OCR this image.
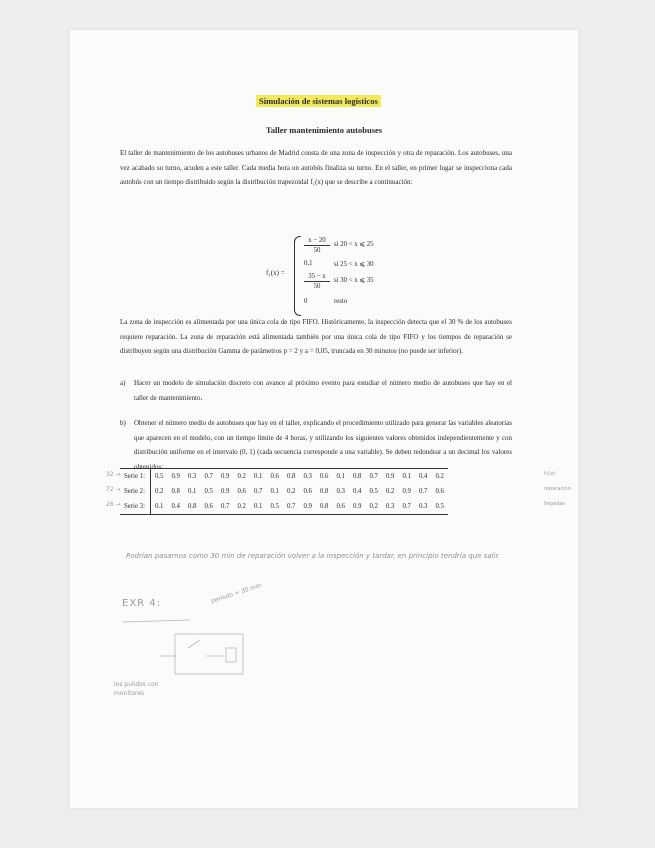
Simulación de sistemas logísticos
Taller mantenimiento autobuses
El taller de mantenimiento de los autobuses urbanos de Madrid consta de una zona de inspección y otra de reparación. Los autobuses, una vez acabado su turno, acuden a este taller. Cada media hora un autobús finaliza su turno. En el taller, en primer lugar se inspecciona cada autobús con un tiempo distribuido según la distribución trapezoidal f₁(x) que se describe a continuación:
f₁(x) =
$\frac{x - 20}{50}$ si 20 < x ⩽ 25
0,1	si 25 < x ⩽ 30
$\frac{35 - x}{50}$ si 30 < x ⩽ 35
0	resto
La zona de inspección es alimentada por una única cola de tipo FIFO. Históricamente, la inspección detecta que el 30 % de los autobuses requiere reparación. La zona de reparación está alimentada también por una única cola de tipo FIFO y los tiempos de reparación se distribuyen según una distribución Gamma de parámetros p = 2 y a = 0,05, truncada en 30 minutos (no puede ser inferior).
a) Hacer un modelo de simulación discreto con avance al próximo evento para estudiar el número medio de autobuses que hay en el taller de mantenimiento.
b) Obtener el número medio de autobuses que hay en el taller, explicando el procedimiento utilizado para generar las variables aleatorias que aparecen en el modelo, con un tiempo límite de 4 horas, y utilizando los siguientes valores obtenidos independientemente y con distribución uniforme en el intervalo (0, 1) (cada secuencia corresponde a una variable). Se deben redondear a un decimal los valores obtenidos:
32 →
72 →
26 →
Serie 1:	0.5	0.9	0.3	0.7	0.9	0.2	0.1	0.6	0.8	0.3	0.6	0.1	0.8	0.7	0.9	0.1	0.4	0.2
Serie 2:	0.2	0.8	0.1	0.5	0.9	0.6	0.7	0.1	0.2	0.6	0.8	0.3	0.4	0.5	0.2	0.9	0.7	0.6
Serie 3:	0.1	0.4	0.8	0.6	0.7	0.2	0.1	0.5	0.7	0.9	0.8	0.6	0.9	0.2	0.3	0.7	0.3	0.5
f₁(x)
reparación
llegadas
Podrían pasarnos como 30 min de reparación volver a la inspección y tardar, en principio tendría que salir.
EXR 4:	periodo = 30 min
los pulidos con monitores
